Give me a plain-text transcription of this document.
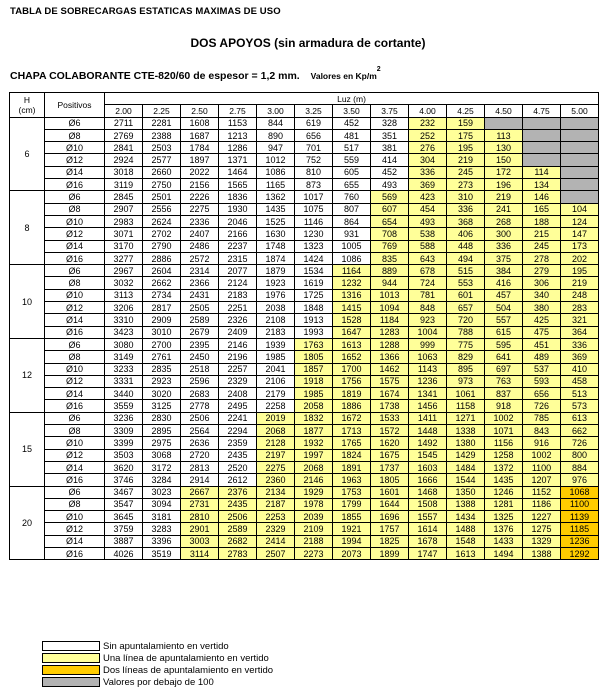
TABLA DE SOBRECARGAS ESTATICAS MAXIMAS DE USO
DOS APOYOS (sin armadura de cortante)
CHAPA COLABORANTE CTE-820/60 de espesor = 1,2 mm. Valores en $Kp/m^2$
H
(cm)	Positivos	Luz (m)												
		2.00	2.25	2.50	2.75	3.00	3.25	3.50	3.75	4.00	4.25	4.50	4.75	5.00
6	Ø6	2711	2281	1608	1153	844	619	452	328	232	159			
	Ø8	2769	2388	1687	1213	890	656	481	351	252	175	113		
	Ø10	2841	2503	1784	1286	947	701	517	381	276	195	130		
	Ø12	2924	2577	1897	1371	1012	752	559	414	304	219	150		
	Ø14	3018	2660	2022	1464	1086	810	605	452	336	245	172	114	
	Ø16	3119	2750	2156	1565	1165	873	655	493	369	273	196	134	
8	Ø6	2845	2501	2226	1836	1362	1017	760	569	423	310	219	146	
	Ø8	2907	2556	2275	1930	1435	1075	807	607	454	336	241	165	104
	Ø10	2983	2624	2336	2046	1525	1146	864	654	493	368	268	188	124
	Ø12	3071	2702	2407	2166	1630	1230	931	708	538	406	300	215	147
	Ø14	3170	2790	2486	2237	1748	1323	1005	769	588	448	336	245	173
	Ø16	3277	2886	2572	2315	1874	1424	1086	835	643	494	375	278	202
10	Ø6	2967	2604	2314	2077	1879	1534	1164	889	678	515	384	279	195
	Ø8	3032	2662	2366	2124	1923	1619	1232	944	724	553	416	306	219
	Ø10	3113	2734	2431	2183	1976	1725	1316	1013	781	601	457	340	248
	Ø12	3206	2817	2505	2251	2038	1848	1415	1094	848	657	504	380	283
	Ø14	3310	2909	2589	2326	2108	1913	1528	1184	923	720	557	425	321
	Ø16	3423	3010	2679	2409	2183	1993	1647	1283	1004	788	615	475	364
12	Ø6	3080	2700	2395	2146	1939	1763	1613	1288	999	775	595	451	336
	Ø8	3149	2761	2450	2196	1985	1805	1652	1366	1063	829	641	489	369
	Ø10	3233	2835	2518	2257	2041	1857	1700	1462	1143	895	697	537	410
	Ø12	3331	2923	2596	2329	2106	1918	1756	1575	1236	973	763	593	458
	Ø14	3440	3020	2683	2408	2179	1985	1819	1674	1341	1061	837	656	513
	Ø16	3559	3125	2778	2495	2258	2058	1886	1738	1456	1158	918	726	573
15	Ø6	3236	2830	2506	2241	2019	1832	1672	1533	1411	1271	1002	785	613
	Ø8	3309	2895	2564	2294	2068	1877	1713	1572	1448	1338	1071	843	662
	Ø10	3399	2975	2636	2359	2128	1932	1765	1620	1492	1380	1156	916	726
	Ø12	3503	3068	2720	2435	2197	1997	1824	1675	1545	1429	1258	1002	800
	Ø14	3620	3172	2813	2520	2275	2068	1891	1737	1603	1484	1372	1100	884
	Ø16	3746	3284	2914	2612	2360	2146	1963	1805	1666	1544	1435	1207	976
20	Ø6	3467	3023	2667	2376	2134	1929	1753	1601	1468	1350	1246	1152	1068
	Ø8	3547	3094	2731	2435	2187	1978	1799	1644	1508	1388	1281	1186	1100
	Ø10	3645	3181	2810	2506	2253	2039	1855	1696	1557	1434	1325	1227	1139
	Ø12	3759	3283	2901	2589	2329	2109	1921	1757	1614	1488	1376	1275	1185
	Ø14	3887	3396	3003	2682	2414	2188	1994	1825	1678	1548	1433	1329	1236
	Ø16	4026	3519	3114	2783	2507	2273	2073	1899	1747	1613	1494	1388	1292
Sin apuntalamiento en vertido
Una línea de apuntalamiento en vertido
Dos líneas de apuntalamiento en vertido
Valores por debajo de 100
